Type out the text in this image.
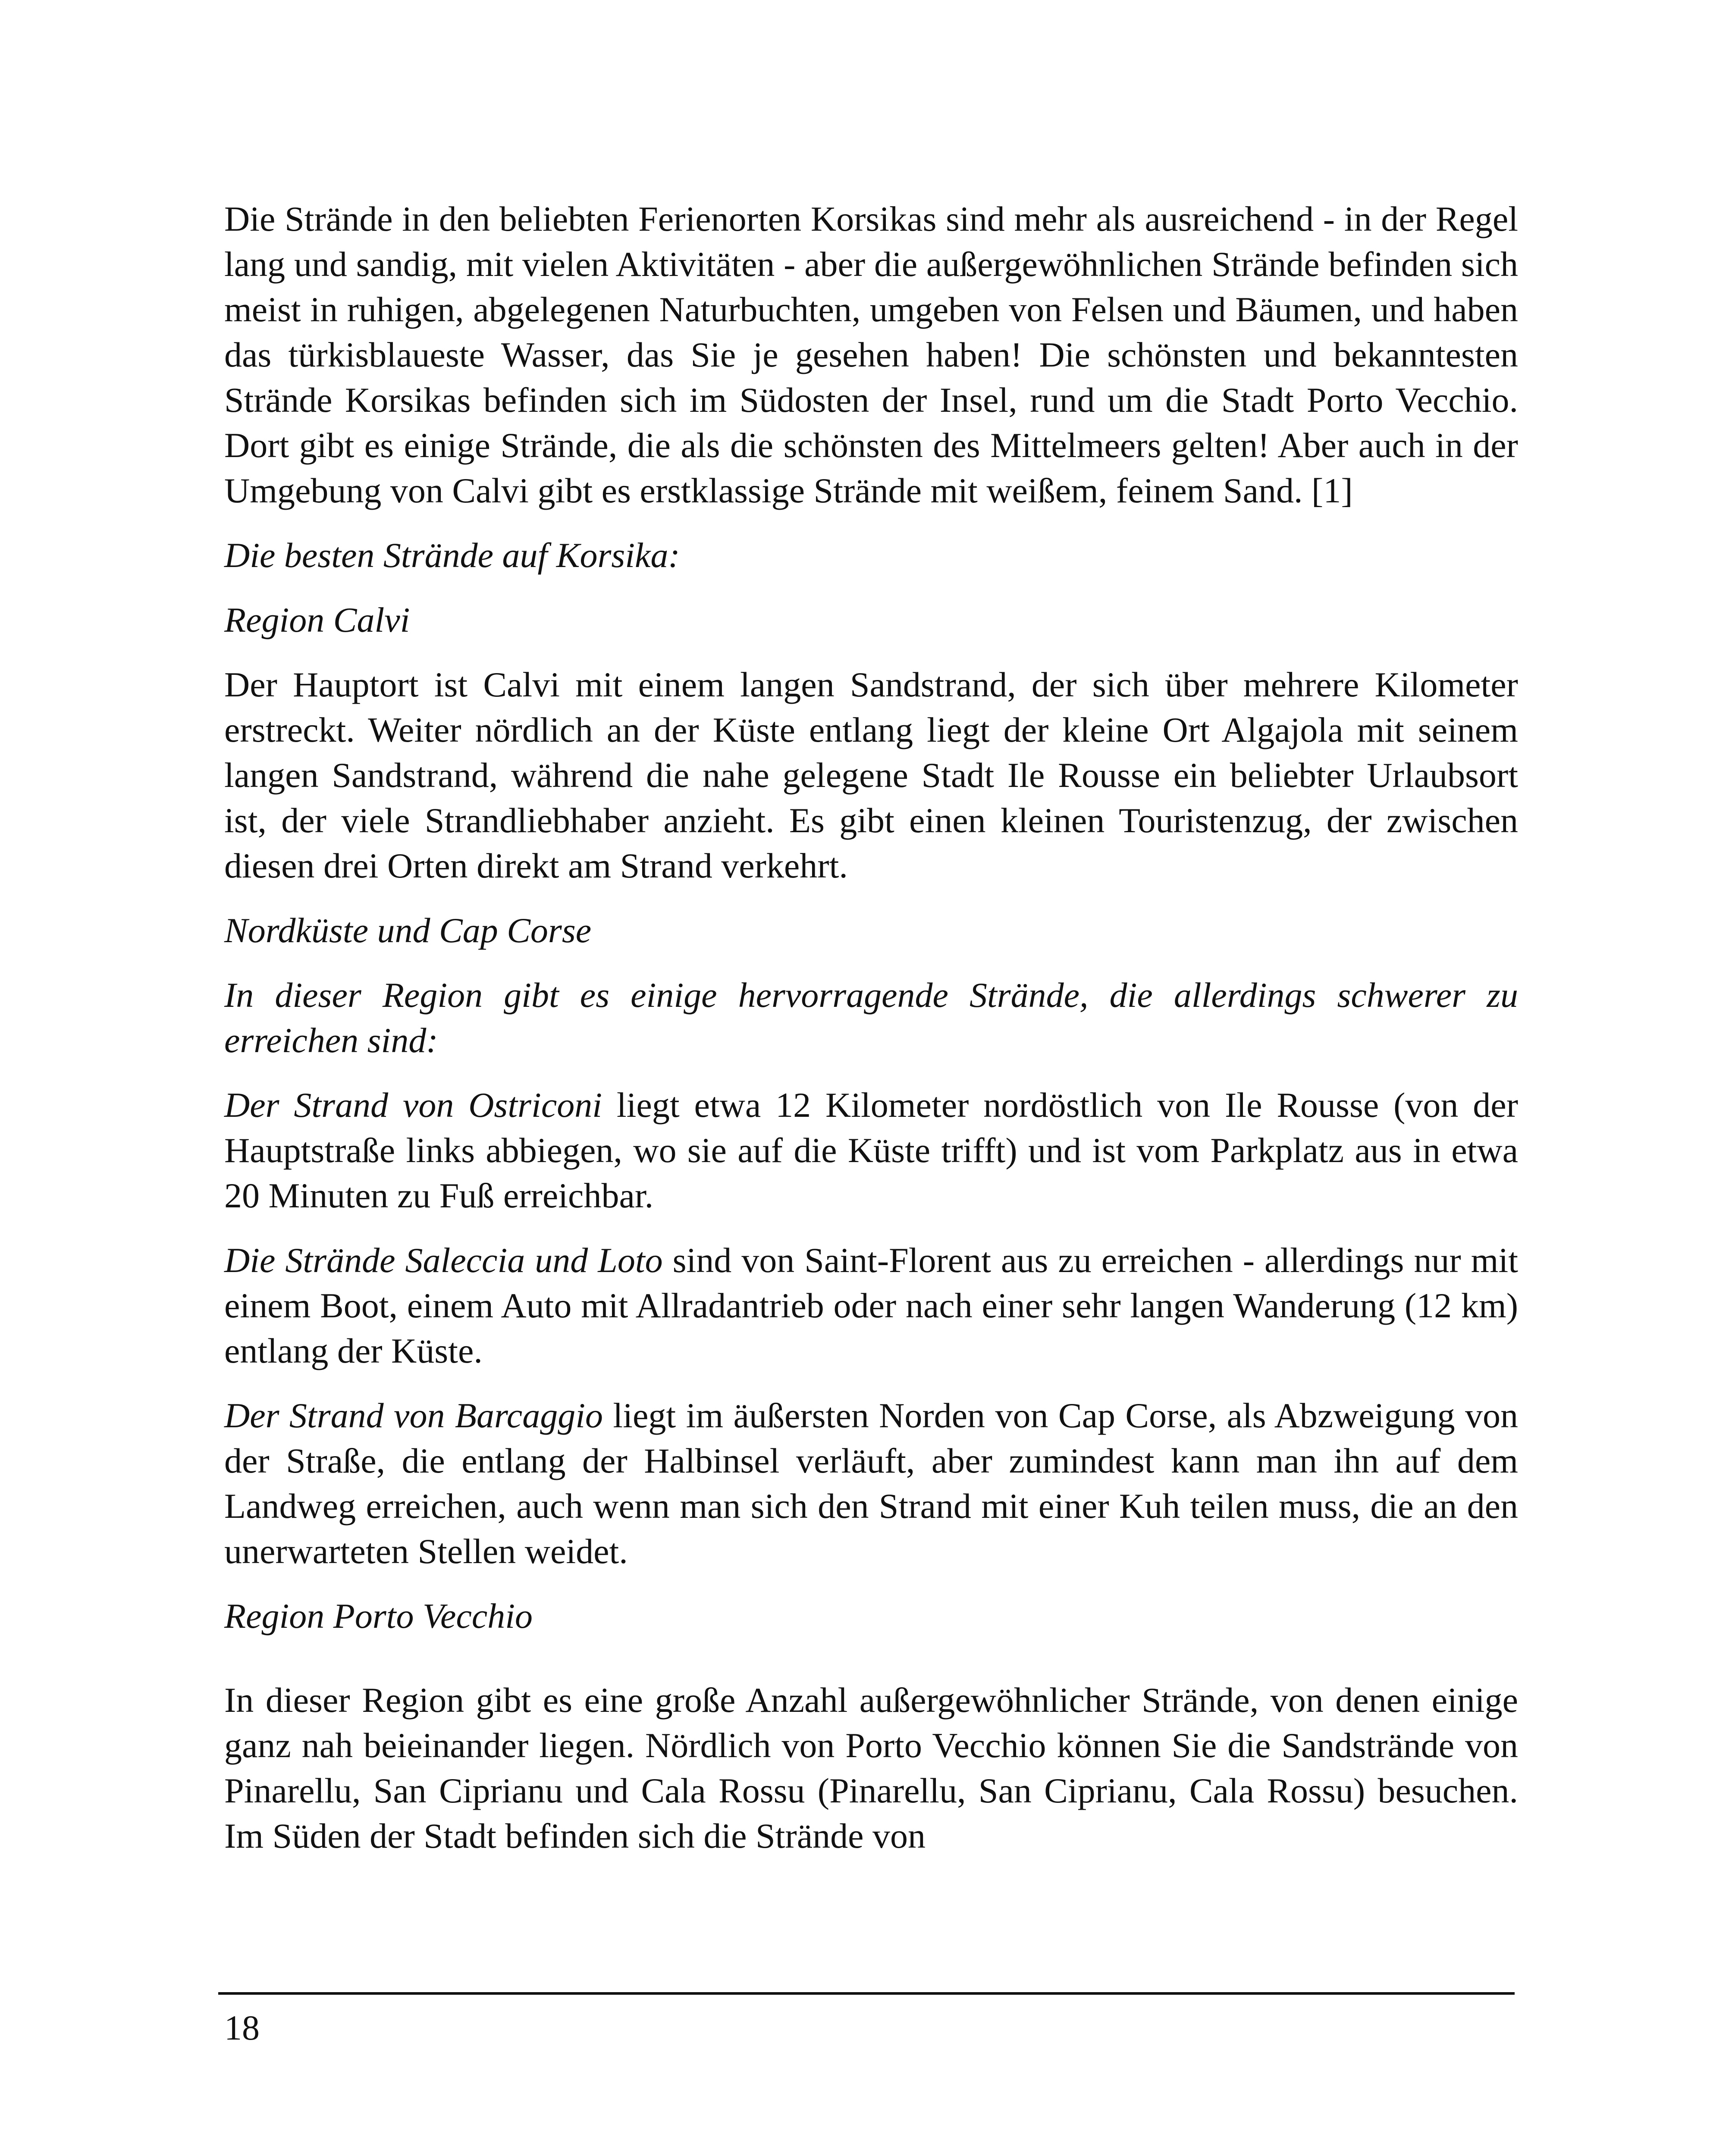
Die Strände in den beliebten Ferienorten Korsikas sind mehr als ausreichend - in der Regel lang und sandig, mit vielen Aktivitäten - aber die außergewöhnlichen Strände befinden sich meist in ruhigen, abgelegenen Naturbuchten, umgeben von Felsen und Bäumen, und haben das türkisblaueste Wasser, das Sie je gesehen haben! Die schönsten und bekanntesten Strände Korsikas befinden sich im Südosten der Insel, rund um die Stadt Porto Vecchio. Dort gibt es einige Strände, die als die schönsten des Mittelmeers gelten! Aber auch in der Umgebung von Calvi gibt es erstklassige Strände mit weißem, feinem Sand. [1]

Die besten Strände auf Korsika:

Region Calvi

Der Hauptort ist Calvi mit einem langen Sandstrand, der sich über mehrere Kilometer erstreckt. Weiter nördlich an der Küste entlang liegt der kleine Ort Algajola mit seinem langen Sandstrand, während die nahe gelegene Stadt Ile Rousse ein beliebter Urlaubsort ist, der viele Strandliebhaber anzieht. Es gibt einen kleinen Touristenzug, der zwischen diesen drei Orten direkt am Strand verkehrt.

Nordküste und Cap Corse

In dieser Region gibt es einige hervorragende Strände, die allerdings schwerer zu erreichen sind:

Der Strand von Ostriconi liegt etwa 12 Kilometer nordöstlich von Ile Rousse (von der Hauptstraße links abbiegen, wo sie auf die Küste trifft) und ist vom Parkplatz aus in etwa 20 Minuten zu Fuß erreichbar.

Die Strände Saleccia und Loto sind von Saint-Florent aus zu erreichen - allerdings nur mit einem Boot, einem Auto mit Allradantrieb oder nach einer sehr langen Wanderung (12 km) entlang der Küste.

Der Strand von Barcaggio liegt im äußersten Norden von Cap Corse, als Abzweigung von der Straße, die entlang der Halbinsel verläuft, aber zumindest kann man ihn auf dem Landweg erreichen, auch wenn man sich den Strand mit einer Kuh teilen muss, die an den unerwarteten Stellen weidet.

Region Porto Vecchio

In dieser Region gibt es eine große Anzahl außergewöhnlicher Strände, von denen einige ganz nah beieinander liegen. Nördlich von Porto Vecchio können Sie die Sandstrände von Pinarellu, San Ciprianu und Cala Rossu (Pinarellu, San Ciprianu, Cala Rossu) besuchen. Im Süden der Stadt befinden sich die Strände von

18
